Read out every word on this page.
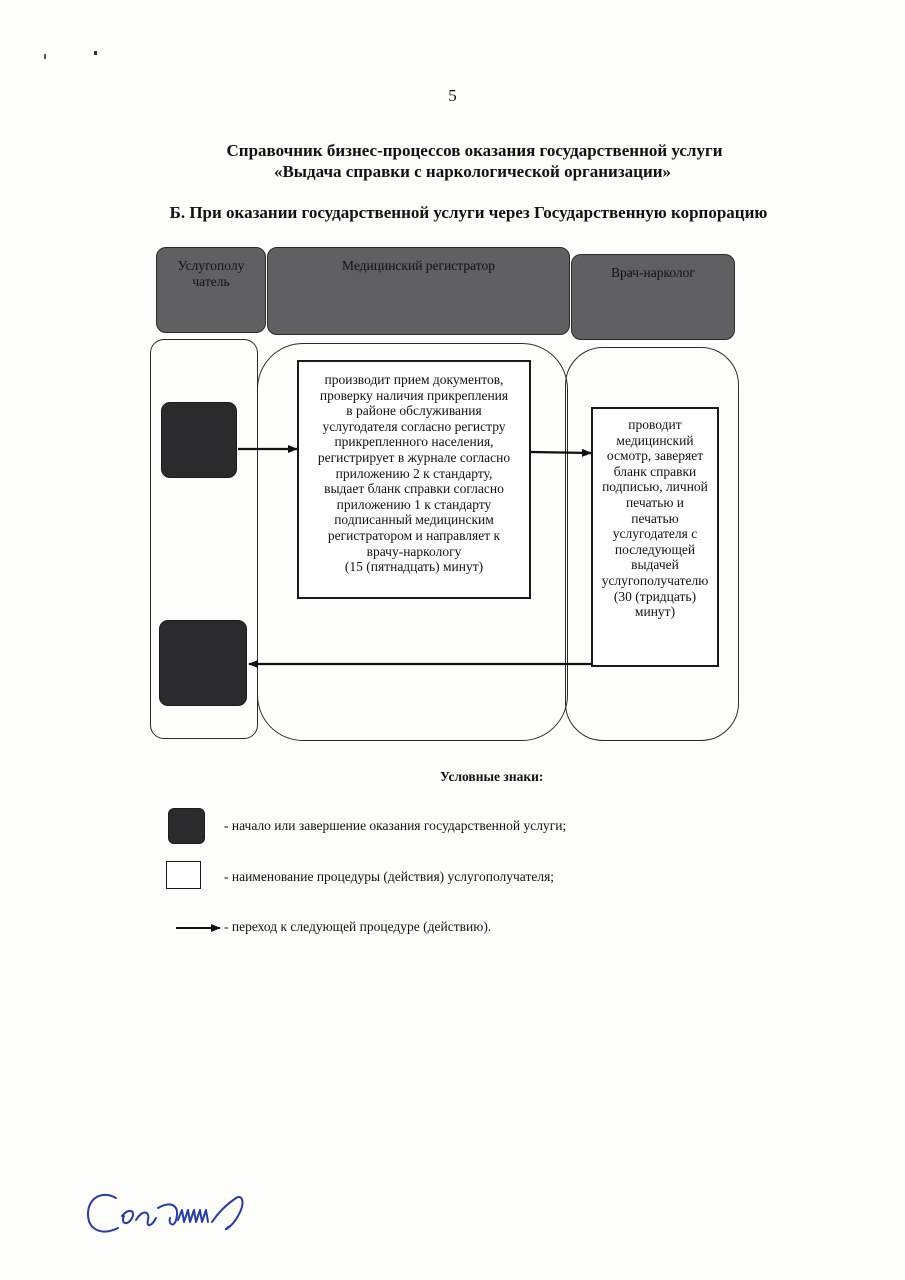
5
Справочник бизнес-процессов оказания государственной услуги
«Выдача справки с наркологической организации»
Б. При оказании государственной услуги через Государственную корпорацию
Услугополу
чатель
Медицинский регистратор	Врач-нарколог
производит прием документов,
проверку наличия прикрепления
в районе обслуживания
услугодателя согласно регистру
прикрепленного населения,
регистрирует в журнале согласно
приложению 2 к стандарту,
выдает бланк справки согласно
приложению 1 к стандарту
подписанный медицинским
регистратором и направляет к
врачу-наркологу
(15 (пятнадцать) минут)
проводит
медицинский
осмотр, заверяет
бланк справки
подписью, личной
печатью и
печатью
услугодателя с
последующей
выдачей
услугополучателю
(30 (тридцать)
минут)
Условные знаки:
- начало или завершение оказания государственной услуги;
- наименование процедуры (действия) услугополучателя;
- переход к следующей процедуре (действию).
